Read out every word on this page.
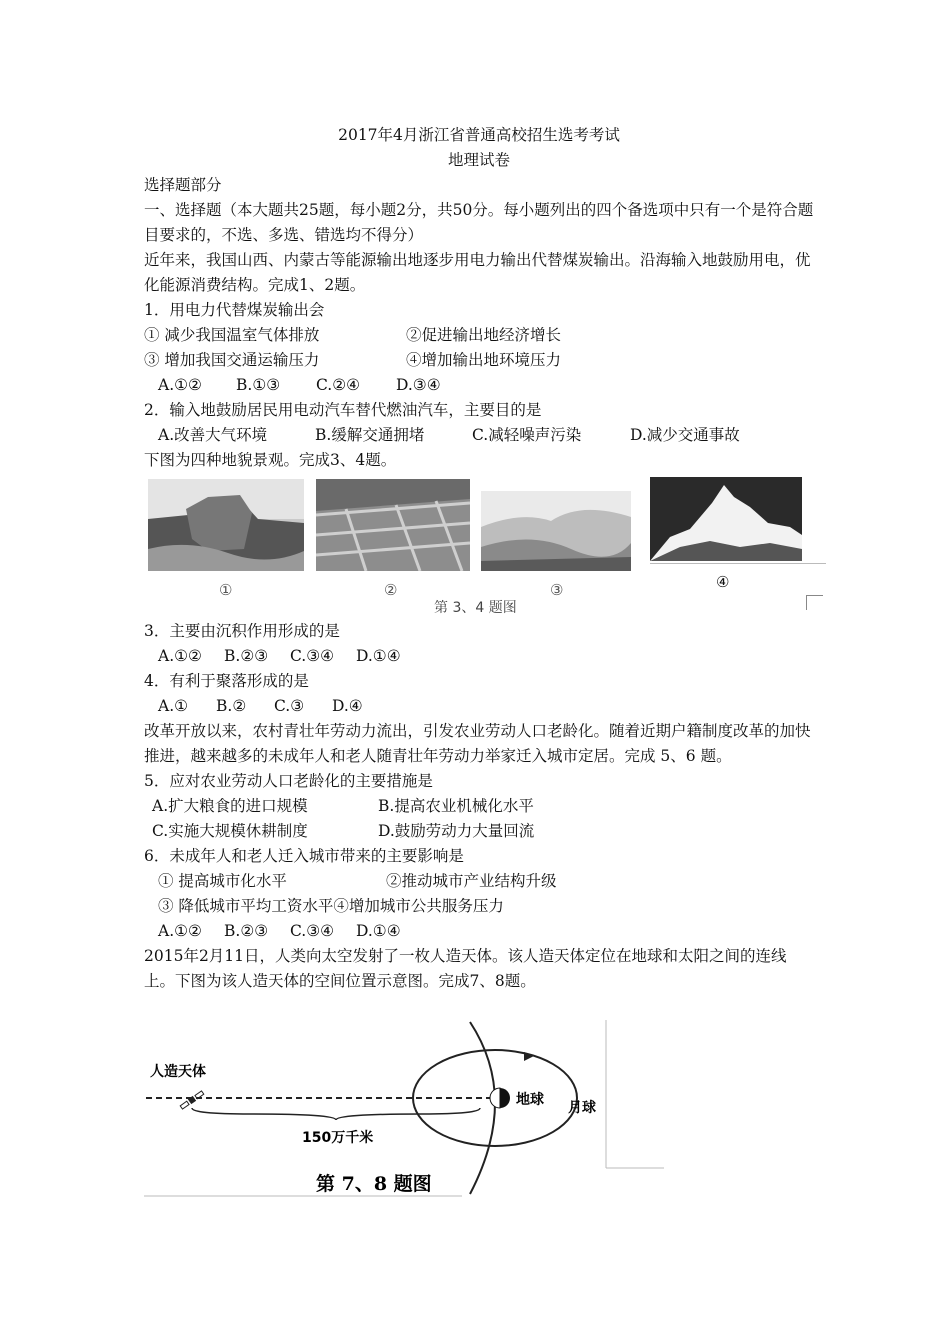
2017年4月浙江省普通高校招生选考考试
地理试卷
选择题部分
一、选择题（本大题共25题，每小题2分，共50分。每小题列出的四个备选项中只有一个是符合题目要求的，不选、多选、错选均不得分）
近年来，我国山西、内蒙古等能源输出地逐步用电力输出代替煤炭输出。沿海输入地鼓励用电，优化能源消费结构。完成1、2题。
1．用电力代替煤炭输出会
① 减少我国温室气体排放	②促进输出地经济增长
③ 增加我国交通运输压力	④增加输出地环境压力
A.①② B.①③ C.②④ D.③④
2．输入地鼓励居民用电动汽车替代燃油汽车，主要目的是
A.改善大气环境	B.缓解交通拥堵	C.减轻噪声污染	D.减少交通事故
下图为四种地貌景观。完成3、4题。
①	②	③	④
第 3、4 题图
3．主要由沉积作用形成的是
A.①② B.②③ C.③④ D.①④
4．有利于聚落形成的是
A.① B.② C.③ D.④
改革开放以来，农村青壮年劳动力流出，引发农业劳动人口老龄化。随着近期户籍制度改革的加快推进，越来越多的未成年人和老人随青壮年劳动力举家迁入城市定居。完成 5、6 题。
5．应对农业劳动人口老龄化的主要措施是
A.扩大粮食的进口规模	B.提高农业机械化水平
C.实施大规模休耕制度	D.鼓励劳动力大量回流
6．未成年人和老人迁入城市带来的主要影响是
① 提高城市化水平	②推动城市产业结构升级
③ 降低城市平均工资水平④增加城市公共服务压力
A.①② B.②③ C.③④ D.①④
2015年2月11日，人类向太空发射了一枚人造天体。该人造天体定位在地球和太阳之间的连线上。下图为该人造天体的空间位置示意图。完成7、8题。
地球 月球
人造天体
150万千米
第 7、8 题图
